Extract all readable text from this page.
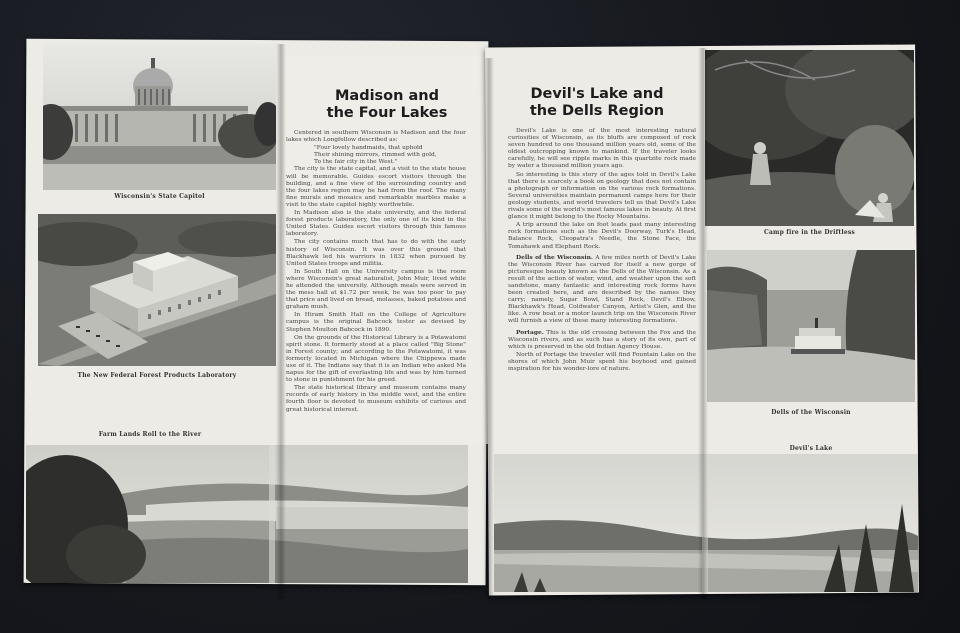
Wisconsin's State Capitol
The New Federal Forest Products Laboratory
Farm Lands Roll to the River
Madison and the Four Lakes

Centered in southern Wisconsin is Madison and the four lakes which Longfellow described as:

"Four lovely handmaids, that uphold

Their shining mirrors, rimmed with gold,

To the fair city in the West."

The city is the state capital, and a visit to the state house will be memorable. Guides escort visitors through the building, and a fine view of the surrounding country and the four lakes region may be had from the roof. The many fine murals and mosaics and remarkable marbles make a visit to the state capitol highly worthwhile.

In Madison also is the state university, and the federal forest products laboratory, the only one of its kind in the United States. Guides escort visitors through this famous laboratory.

The city contains much that has to do with the early history of Wisconsin. It was over this ground that Blackhawk led his warriors in 1832 when pursued by United States troops and militia.

In South Hall on the University campus is the room where Wisconsin's great naturalist, John Muir, lived while he attended the university. Although meals were served in the mess hall at $1.72 per week, he was too poor to pay that price and lived on bread, molasses, baked potatoes and graham mush.

In Hiram Smith Hall on the College of Agriculture campus is the original Babcock tester as devised by Stephen Moulton Babcock in 1890.

On the grounds of the Historical Library is a Potawatomi spirit stone. It formerly stood at a place called "Big Stone" in Forest county; and according to the Potawatomi, it was formerly located in Michigan where the Chippewa made use of it. The Indians say that it is an Indian who asked Ma napus for the gift of everlasting life and was by him turned to stone in punishment for his greed.

The state historical library and museum contains many records of early history in the middle west, and the entire fourth floor is devoted to museum exhibits of curious and great historical interest.

Devil's Lake and the Dells Region

Devil's Lake is one of the most interesting natural curiosities of Wisconsin, as its bluffs are composed of rock seven hundred to one thousand million years old, some of the oldest outcropping known to mankind. If the traveler looks carefully, he will see ripple marks in this quartzite rock made by water a thousand million years ago.

So interesting is this story of the ages told in Devil's Lake that there is scarcely a book on geology that does not contain a photograph or information on the various rock formations. Several universities maintain permanent camps here for their geology students, and world travelers tell us that Devil's Lake rivals some of the world's most famous lakes in beauty. At first glance it might belong to the Rocky Mountains.

A trip around the lake on foot leads past many interesting rock formations such as the Devil's Doorway, Turk's Head, Balance Rock, Cleopatra's Needle, the Stone Face, the Tomahawk and Elephant Rock.

Dells of the Wisconsin. A few miles north of Devil's Lake the Wisconsin River has carved for itself a new gorge of picturesque beauty known as the Dells of the Wisconsin. As a result of the action of water, wind, and weather upon the soft sandstone, many fantastic and interesting rock forms have been created here, and are described by the names they carry; namely, Sugar Bowl, Stand Rock, Devil's Elbow, Blackhawk's Head, Coldwater Canyon, Artist's Glen, and the like. A row boat or a motor launch trip on the Wisconsin River will furnish a view of these many interesting formations.

Portage. This is the old crossing between the Fox and the Wisconsin rivers, and as such has a story of its own, part of which is preserved in the old Indian Agency House.

North of Portage the traveler will find Fountain Lake on the shores of which John Muir spent his boyhood and gained inspiration for his wonder-lore of nature.

Camp fire in the Driftless
Dells of the Wisconsin
Devil's Lake
